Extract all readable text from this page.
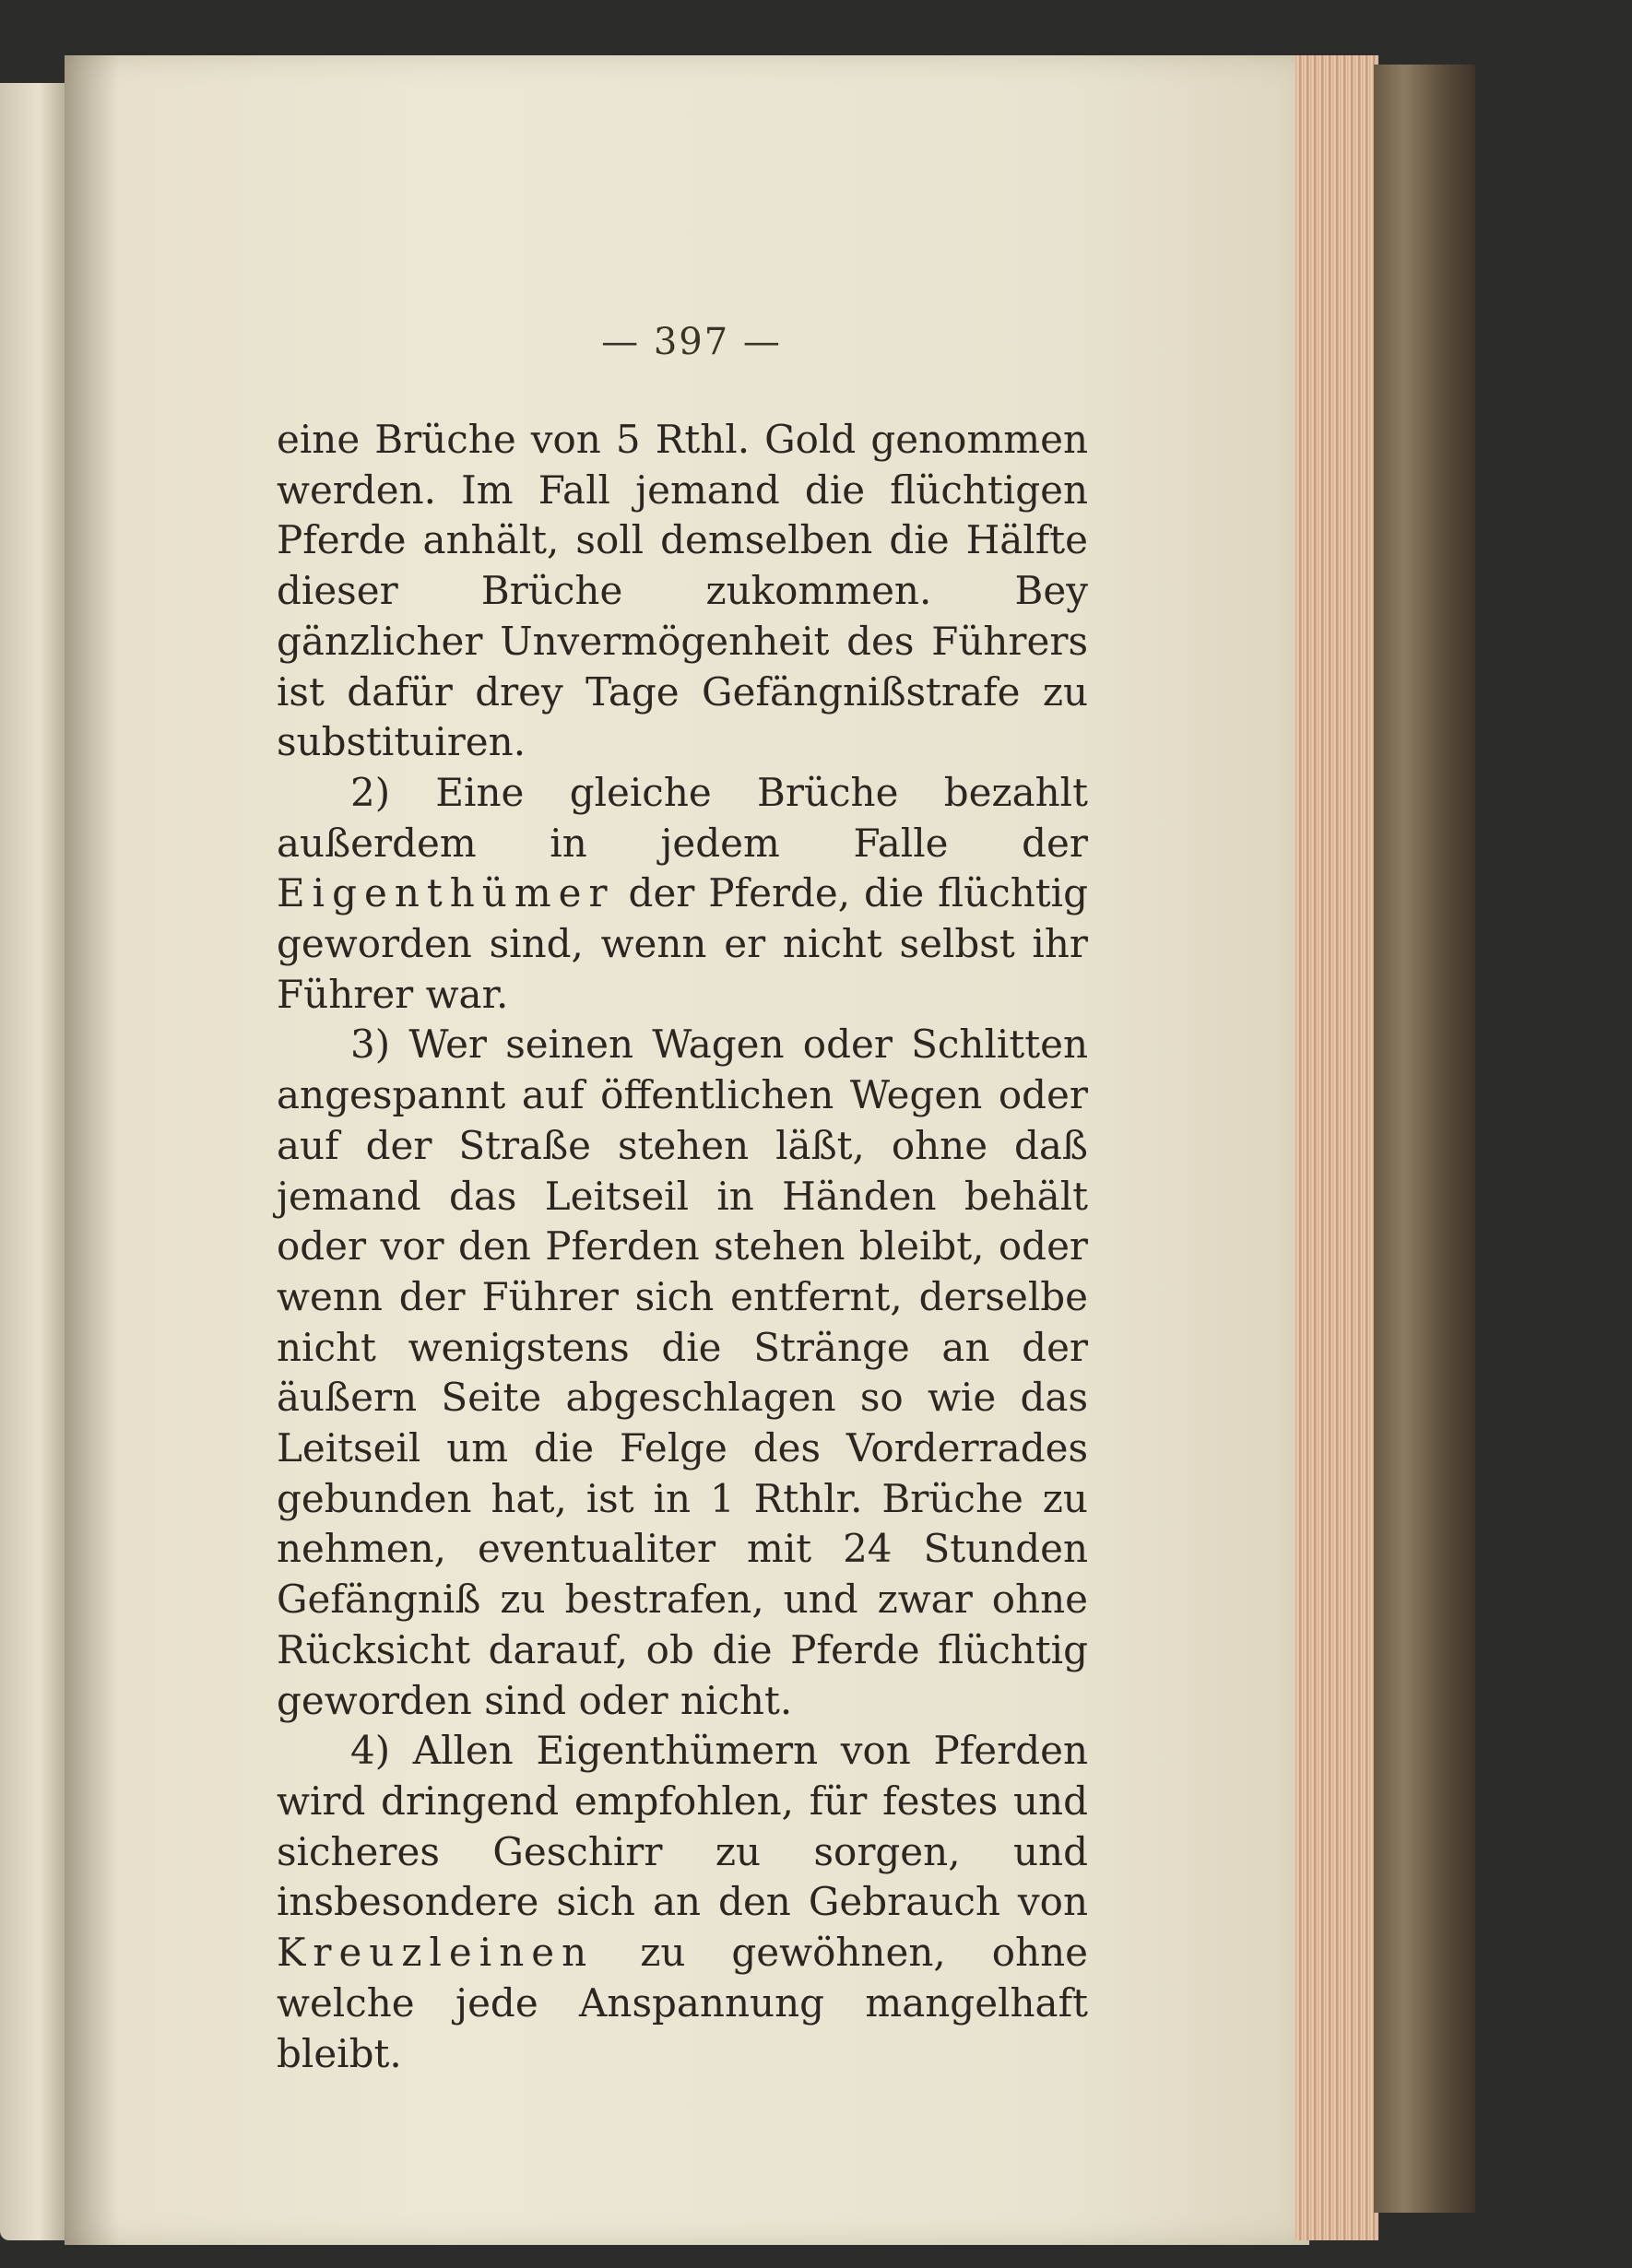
— 397 —

eine Brüche von 5 Rthl. Gold genommen werden. Im Fall jemand die flüchtigen Pferde anhält, soll demselben die Hälfte dieser Brüche zukommen. Bey gänzlicher Unvermögenheit des Führers ist dafür drey Tage Gefängnißstrafe zu substituiren.

2) Eine gleiche Brüche bezahlt außerdem in jedem Falle der Eigenthümer der Pferde, die flüchtig geworden sind, wenn er nicht selbst ihr Führer war.

3) Wer seinen Wagen oder Schlitten angespannt auf öffentlichen Wegen oder auf der Straße stehen läßt, ohne daß jemand das Leitseil in Händen behält oder vor den Pferden stehen bleibt, oder wenn der Führer sich entfernt, derselbe nicht wenigstens die Stränge an der äußern Seite abgeschlagen so wie das Leitseil um die Felge des Vorderrades gebunden hat, ist in 1 Rthlr. Brüche zu nehmen, eventualiter mit 24 Stunden Gefängniß zu bestrafen, und zwar ohne Rücksicht darauf, ob die Pferde flüchtig geworden sind oder nicht.

4) Allen Eigenthümern von Pferden wird dringend empfohlen, für festes und sicheres Geschirr zu sorgen, und insbesondere sich an den Gebrauch von Kreuzleinen zu gewöhnen, ohne welche jede Anspannung mangelhaft bleibt.
